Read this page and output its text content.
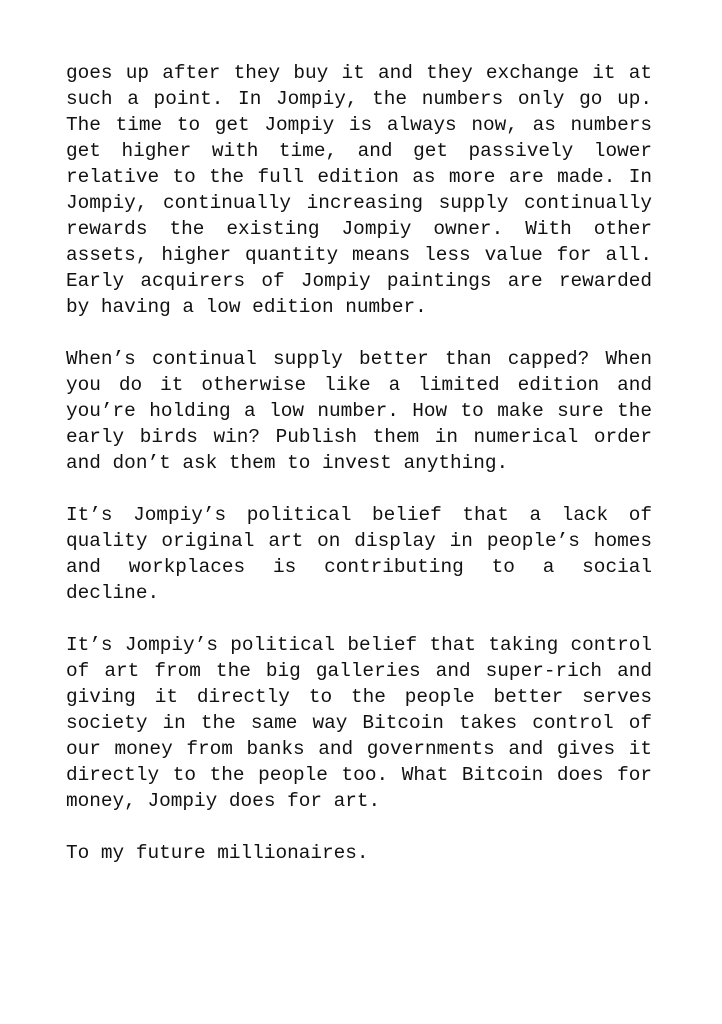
goes up after they buy it and they exchange it at such a point. In Jompiy, the numbers only go up. The time to get Jompiy is always now, as numbers get higher with time, and get passively lower relative to the full edition as more are made. In Jompiy, continually increasing supply continually rewards the existing Jompiy owner. With other assets, higher quantity means less value for all. Early acquirers of Jompiy paintings are rewarded by having a low edition number.

When’s continual supply better than capped? When you do it otherwise like a limited edition and you’re holding a low number. How to make sure the early birds win? Publish them in numerical order and don’t ask them to invest anything.

It’s Jompiy’s political belief that a lack of quality original art on display in people’s homes and workplaces is contributing to a social decline.

It’s Jompiy’s political belief that taking control of art from the big galleries and super-rich and giving it directly to the people better serves society in the same way Bitcoin takes control of our money from banks and governments and gives it directly to the people too. What Bitcoin does for money, Jompiy does for art.

To my future millionaires.
